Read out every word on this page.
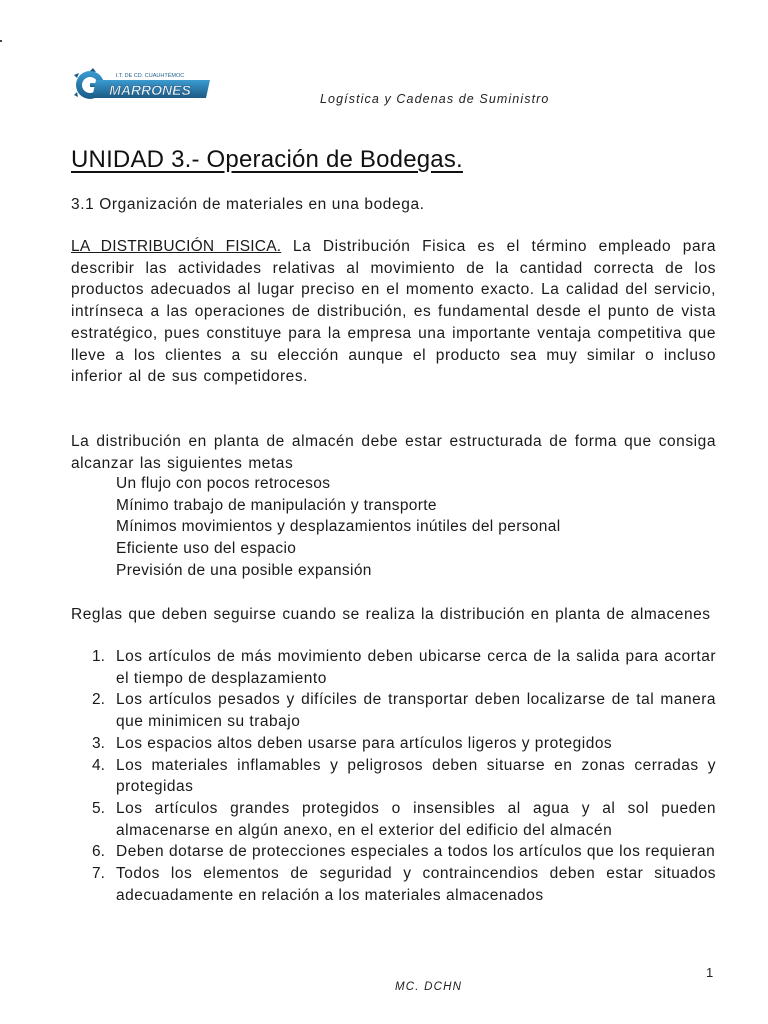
I.T. DE CD. CUAUHTÉMOC
MARRONES
Logística y Cadenas de Suministro
UNIDAD 3.- Operación de Bodegas.
3.1 Organización de materiales en una bodega.
LA DISTRIBUCIÓN FISICA. La Distribución Fisica es el término empleado para describir las actividades relativas al movimiento de la cantidad correcta de los productos adecuados al lugar preciso en el momento exacto. La calidad del servicio, intrínseca a las operaciones de distribución, es fundamental desde el punto de vista estratégico, pues constituye para la empresa una importante ventaja competitiva que lleve a los clientes a su elección aunque el producto sea muy similar o incluso inferior al de sus competidores.
La distribución en planta de almacén debe estar estructurada de forma que consiga alcanzar las siguientes metas
Un flujo con pocos retrocesos
Mínimo trabajo de manipulación y transporte
Mínimos movimientos y desplazamientos inútiles del personal
Eficiente uso del espacio
Previsión de una posible expansión
Reglas que deben seguirse cuando se realiza la distribución en planta de almacenes
1. Los artículos de más movimiento deben ubicarse cerca de la salida para acortar el tiempo de desplazamiento
2. Los artículos pesados y difíciles de transportar deben localizarse de tal manera que minimicen su trabajo
3. Los espacios altos deben usarse para artículos ligeros y protegidos
4. Los materiales inflamables y peligrosos deben situarse en zonas cerradas y protegidas
5. Los artículos grandes protegidos o insensibles al agua y al sol pueden almacenarse en algún anexo, en el exterior del edificio del almacén
6. Deben dotarse de protecciones especiales a todos los artículos que los requieran
7. Todos los elementos de seguridad y contraincendios deben estar situados adecuadamente en relación a los materiales almacenados
1
MC. DCHN
